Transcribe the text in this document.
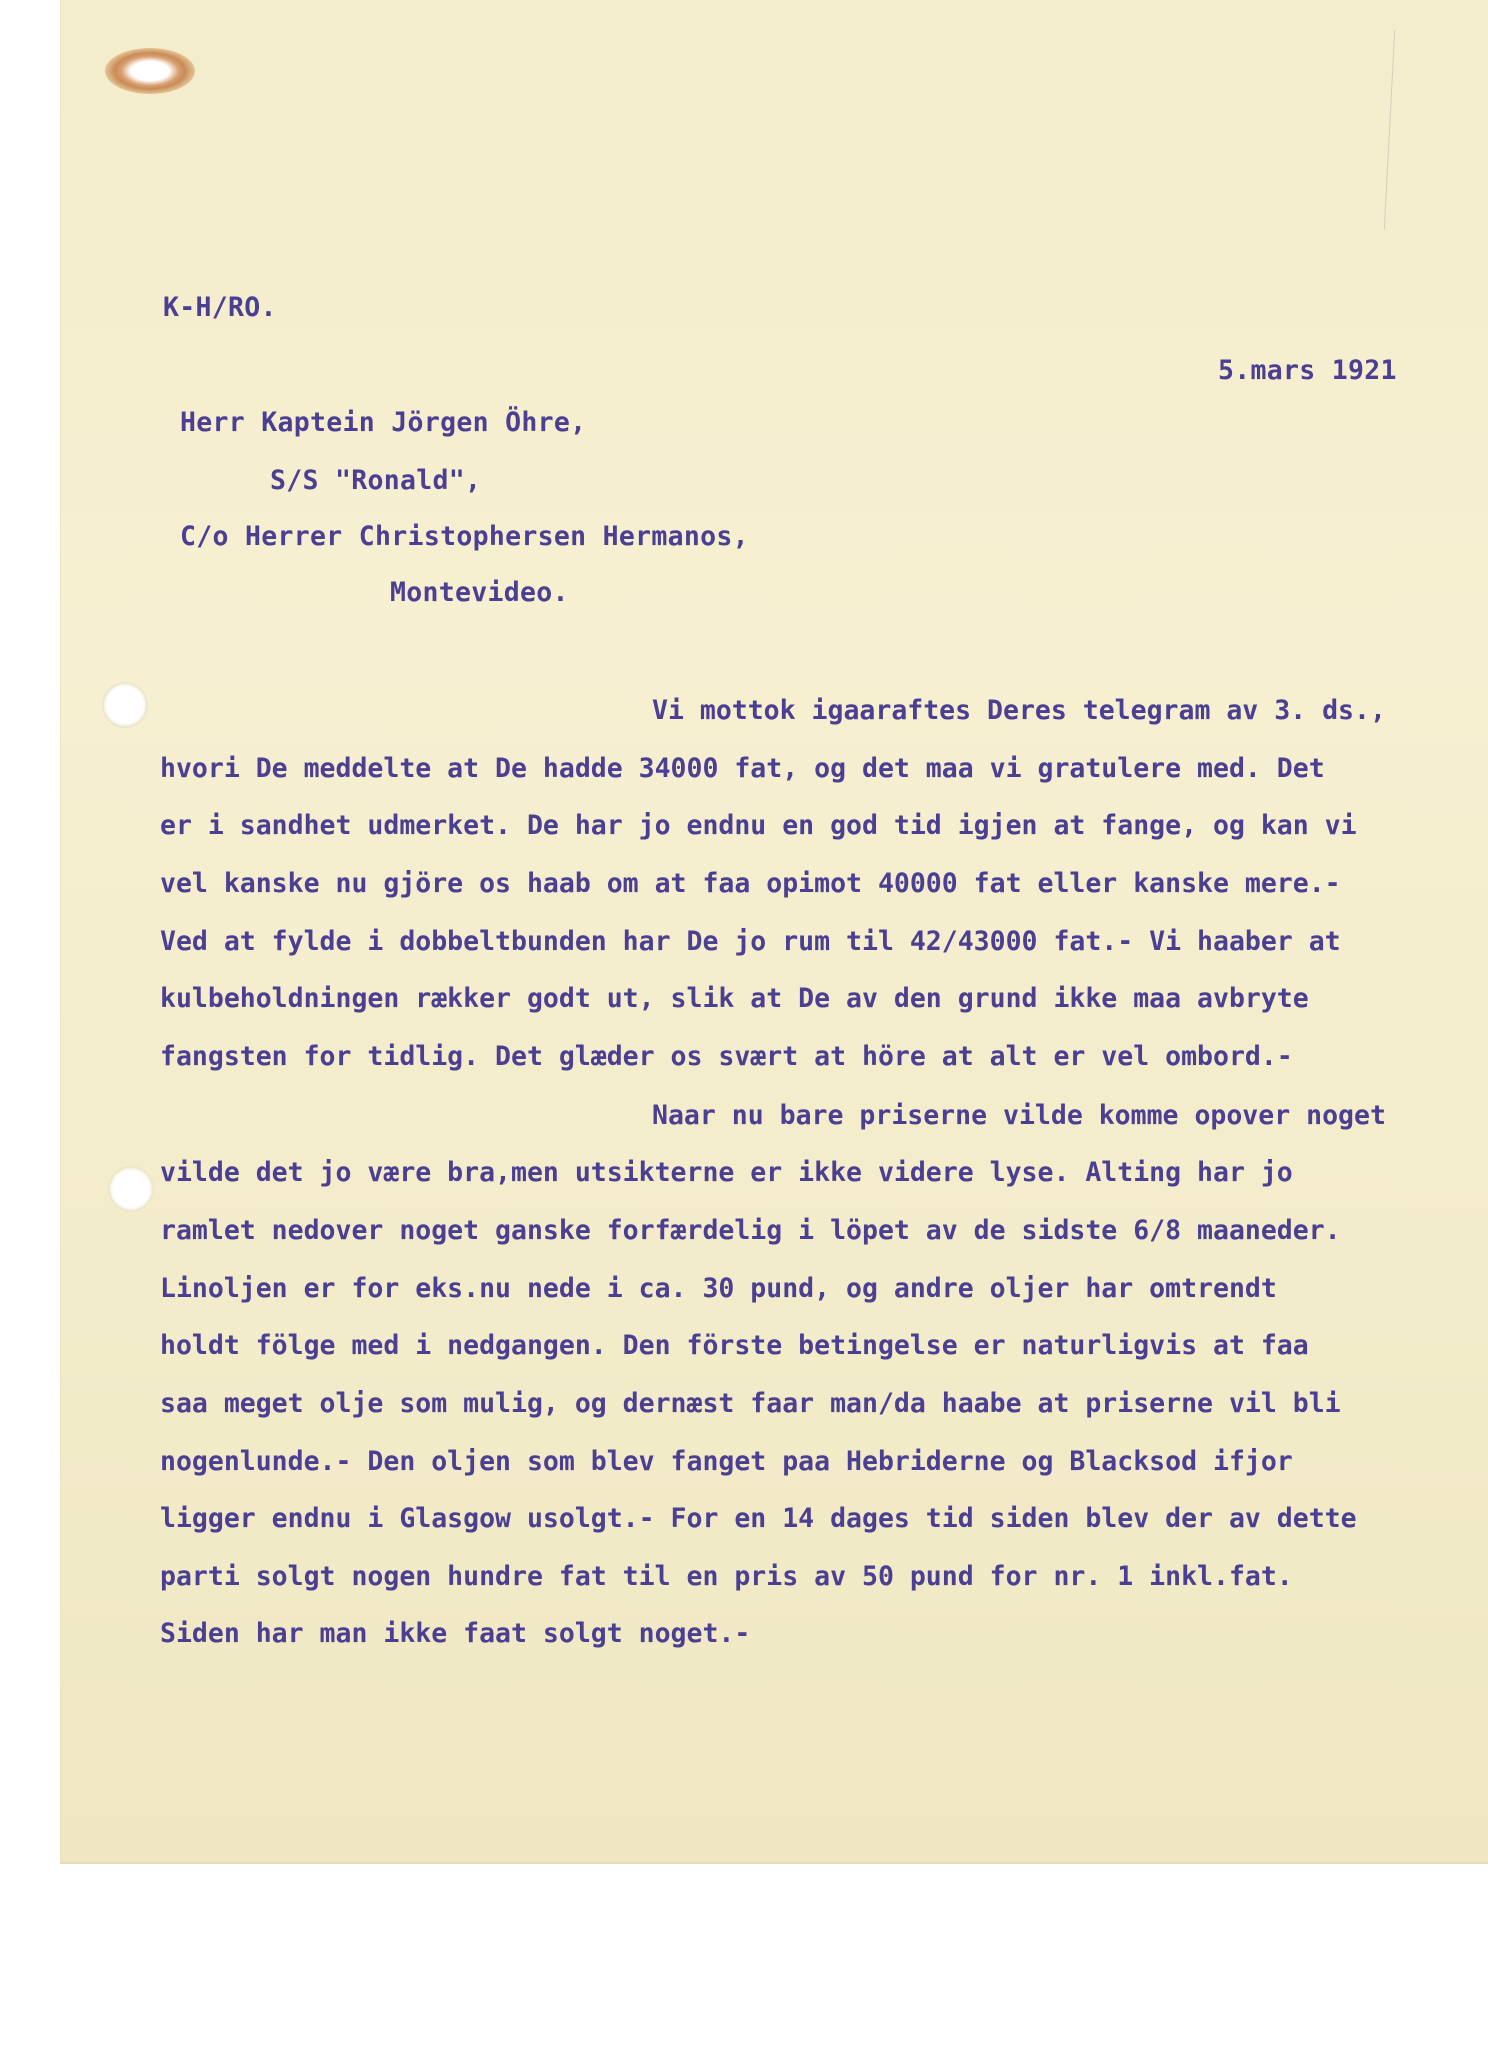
K-H/RO.
5.mars 1921
Herr Kaptein Jörgen Öhre,
S/S "Ronald",
C/o Herrer Christophersen Hermanos,
Montevideo.
Vi mottok igaaraftes Deres telegram av 3. ds.,
hvori De meddelte at De hadde 34000 fat, og det maa vi gratulere med. Det
er i sandhet udmerket. De har jo endnu en god tid igjen at fange, og kan vi
vel kanske nu gjöre os haab om at faa opimot 40000 fat eller kanske mere.-
Ved at fylde i dobbeltbunden har De jo rum til 42/43000 fat.- Vi haaber at
kulbeholdningen rækker godt ut, slik at De av den grund ikke maa avbryte
fangsten for tidlig. Det glæder os svært at höre at alt er vel ombord.-
Naar nu bare priserne vilde komme opover noget
vilde det jo være bra,men utsikterne er ikke videre lyse. Alting har jo
ramlet nedover noget ganske forfærdelig i löpet av de sidste 6/8 maaneder.
Linoljen er for eks.nu nede i ca. 30 pund, og andre oljer har omtrendt
holdt fölge med i nedgangen. Den förste betingelse er naturligvis at faa
saa meget olje som mulig, og dernæst faar man/da haabe at priserne vil bli
nogenlunde.- Den oljen som blev fanget paa Hebriderne og Blacksod ifjor
ligger endnu i Glasgow usolgt.- For en 14 dages tid siden blev der av dette
parti solgt nogen hundre fat til en pris av 50 pund for nr. 1 inkl.fat.
Siden har man ikke faat solgt noget.-
